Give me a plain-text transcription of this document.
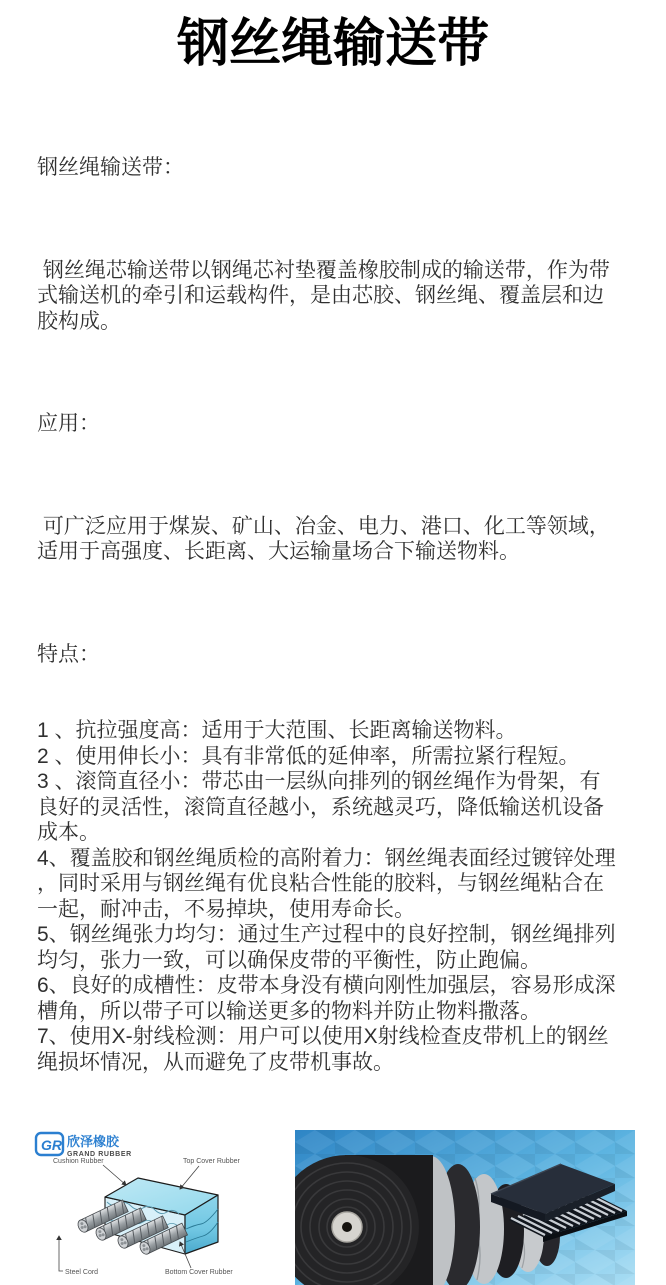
钢丝绳输送带

钢丝绳输送带：

钢丝绳芯输送带以钢绳芯衬垫覆盖橡胶制成的输送带，作为带式输送机的牵引和运载构件，是由芯胶、钢丝绳、覆盖层和边胶构成。

应用：

可广泛应用于煤炭、矿山、冶金、电力、港口、化工等领域，适用于高强度、长距离、大运输量场合下输送物料。

特点：

1 、抗拉强度高：适用于大范围、长距离输送物料。
2 、使用伸长小：具有非常低的延伸率，所需拉紧行程短。
3 、滚筒直径小：带芯由一层纵向排列的钢丝绳作为骨架，有良好的灵活性，滚筒直径越小，系统越灵巧，降低输送机设备成本。
4、覆盖胶和钢丝绳质检的高附着力：钢丝绳表面经过镀锌处理，同时采用与钢丝绳有优良粘合性能的胶料，与钢丝绳粘合在一起，耐冲击，不易掉块，使用寿命长。
5、钢丝绳张力均匀：通过生产过程中的良好控制，钢丝绳排列均匀，张力一致，可以确保皮带的平衡性，防止跑偏。
6、良好的成槽性：皮带本身没有横向刚性加强层，容易形成深槽角，所以带子可以输送更多的物料并防止物料撒落。
7、使用X-射线检测：用户可以使用X射线检查皮带机上的钢丝绳损坏情况，从而避免了皮带机事故。

GR 欣泽橡胶
GRAND RUBBER
Cushion Rubber	Top Cover Rubber
Steel Cord	Bottom Cover Rubber
